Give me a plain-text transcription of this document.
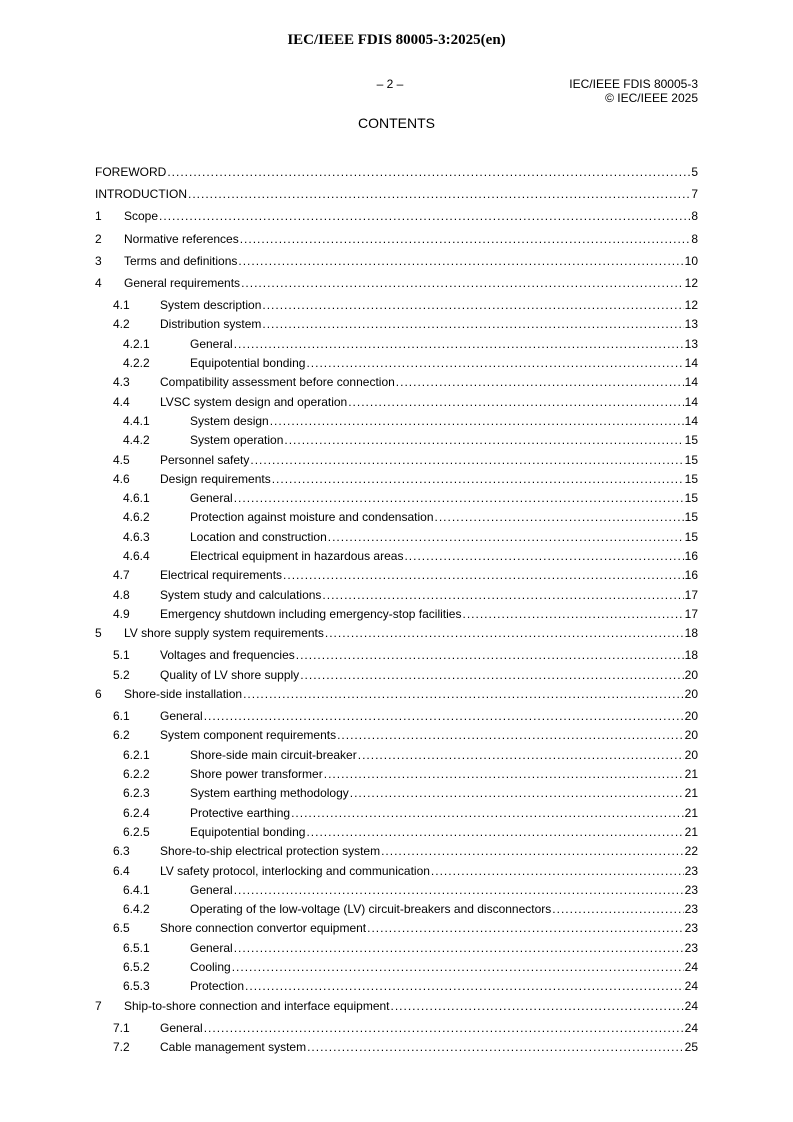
IEC/IEEE FDIS 80005-3:2025(en)
– 2 –	IEC/IEEE FDIS 80005-3
© IEC/IEEE 2025
CONTENTS
FOREWORD .....	5
INTRODUCTION .....	7
1	Scope .....	8
2	Normative references .....	8
3	Terms and definitions .....	10
4	General requirements .....	12
4.1	System description .....	12
4.2	Distribution system .....	13
4.2.1	General .....	13
4.2.2	Equipotential bonding .....	14
4.3	Compatibility assessment before connection .....	14
4.4	LVSC system design and operation .....	14
4.4.1	System design .....	14
4.4.2	System operation .....	15
4.5	Personnel safety .....	15
4.6	Design requirements .....	15
4.6.1	General .....	15
4.6.2	Protection against moisture and condensation .....	15
4.6.3	Location and construction .....	15
4.6.4	Electrical equipment in hazardous areas .....	16
4.7	Electrical requirements .....	16
4.8	System study and calculations .....	17
4.9	Emergency shutdown including emergency-stop facilities .....	17
5	LV shore supply system requirements .....	18
5.1	Voltages and frequencies .....	18
5.2	Quality of LV shore supply .....	20
6	Shore-side installation .....	20
6.1	General .....	20
6.2	System component requirements .....	20
6.2.1	Shore-side main circuit-breaker .....	20
6.2.2	Shore power transformer .....	21
6.2.3	System earthing methodology .....	21
6.2.4	Protective earthing .....	21
6.2.5	Equipotential bonding .....	21
6.3	Shore-to-ship electrical protection system .....	22
6.4	LV safety protocol, interlocking and communication .....	23
6.4.1	General .....	23
6.4.2	Operating of the low-voltage (LV) circuit-breakers and disconnectors .....	23
6.5	Shore connection convertor equipment .....	23
6.5.1	General .....	23
6.5.2	Cooling .....	24
6.5.3	Protection .....	24
7	Ship-to-shore connection and interface equipment .....	24
7.1	General .....	24
7.2	Cable management system .....	25
